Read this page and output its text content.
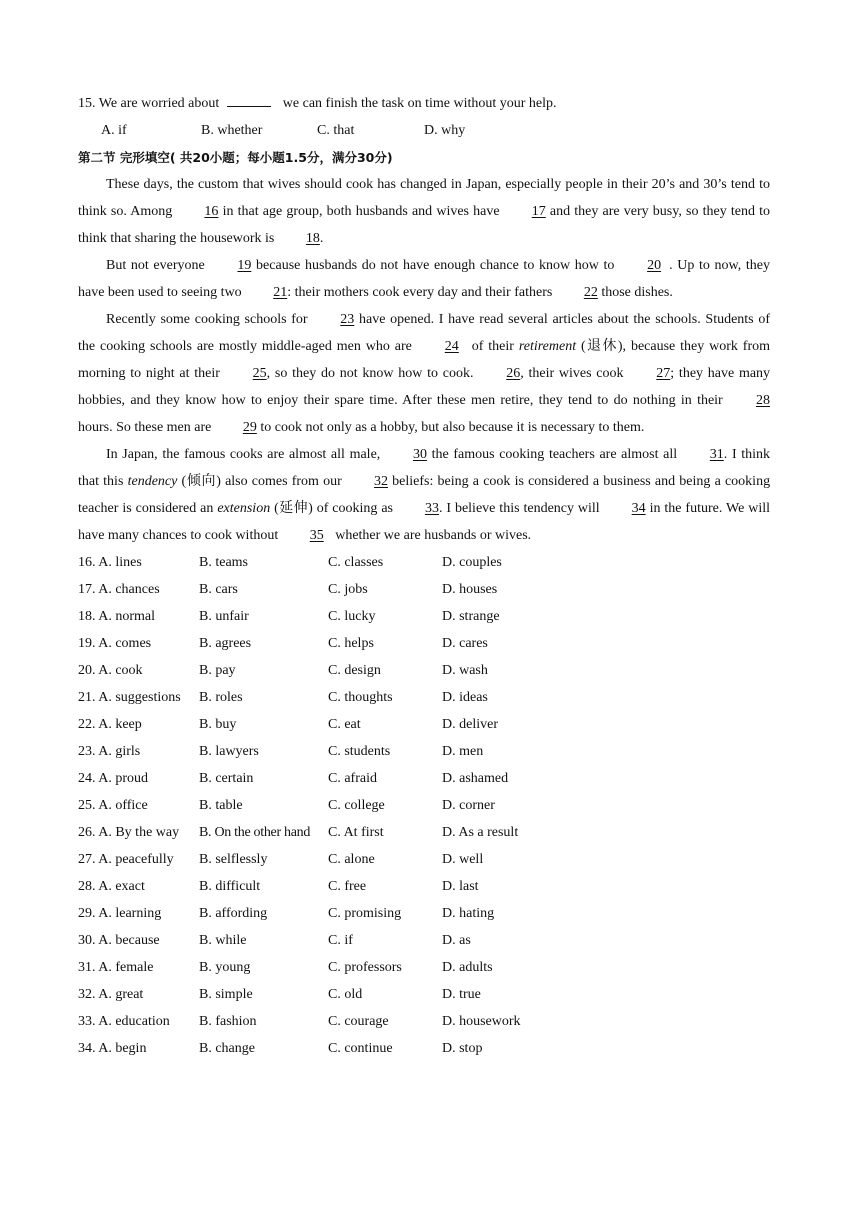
15. We are worried about	we can finish the task on time without your help.

A. if	B. whether	C. that	D. why
第二节 完形填空( 共20小题；每小题1.5分，满分30分)

These days, the custom that wives should cook has changed in Japan, especially people in their 20’s and 30’s tend to think so. Among 16 in that age group, both husbands and wives have 17 and they are very busy, so they tend to think that sharing the housework is 18.

But not everyone 19 because husbands do not have enough chance to know how to 20 . Up to now, they have been used to seeing two 21: their mothers cook every day and their fathers 22 those dishes.

Recently some cooking schools for 23 have opened. I have read several articles about the schools. Students of the cooking schools are mostly middle-aged men who are 24 of their retirement (退休), because they work from morning to night at their 25, so they do not know how to cook. 26, their wives cook 27; they have many hobbies, and they know how to enjoy their spare time. After these men retire, they tend to do nothing in their 28 hours. So these men are 29 to cook not only as a hobby, but also because it is necessary to them.

In Japan, the famous cooks are almost all male, 30 the famous cooking teachers are almost all 31. I think that this tendency (倾向) also comes from our 32 beliefs: being a cook is considered a business and being a cooking teacher is considered an extension (延伸) of cooking as 33. I believe this tendency will 34 in the future. We will have many chances to cook without 35 whether we are husbands or wives.

16. A. lines	B. teams	C. classes	D. couples
17. A. chances	B. cars	C. jobs	D. houses
18. A. normal	B. unfair	C. lucky	D. strange
19. A. comes	B. agrees	C. helps	D. cares
20. A. cook	B. pay	C. design	D. wash
21. A. suggestions	B. roles	C. thoughts	D. ideas
22. A. keep	B. buy	C. eat	D. deliver
23. A. girls	B. lawyers	C. students	D. men
24. A. proud	B. certain	C. afraid	D. ashamed
25. A. office	B. table	C. college	D. corner
26. A. By the way	B. On the other hand	C. At first	D. As a result
27. A. peacefully	B. selflessly	C. alone	D. well
28. A. exact	B. difficult	C. free	D. last
29. A. learning	B. affording	C. promising	D. hating
30. A. because	B. while	C. if	D. as
31. A. female	B. young	C. professors	D. adults
32. A. great	B. simple	C. old	D. true
33. A. education	B. fashion	C. courage	D. housework
34. A. begin	B. change	C. continue	D. stop
